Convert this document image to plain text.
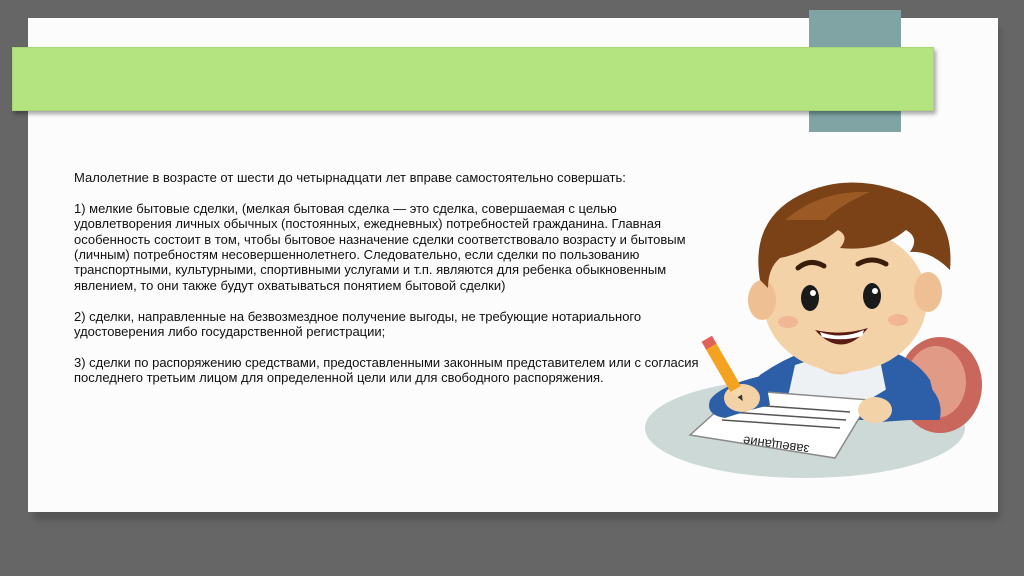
Малолетние в возрасте от шести до четырнадцати лет вправе самостоятельно совершать:

1) мелкие бытовые сделки, (мелкая бытовая сделка — это сделка, совершаемая с целью удовлетворения личных обычных (постоянных, ежедневных) потребностей гражданина. Главная особенность состоит в том, чтобы бытовое назначение сделки соответствовало возрасту и бытовым (личным) потребностям несовершеннолетнего. Следовательно, если сделки по пользованию транспортными, культурными, спортивными услугами и т.п. являются для ребенка обыкновенным явлением, то они также будут охватываться понятием бытовой сделки)

2) сделки, направленные на безвозмездное получение выгоды, не требующие нотариального удостоверения либо государственной регистрации;

3) сделки по распоряжению средствами, предоставленными законным представителем или с согласия последнего третьим лицом для определенной цели или для свободного распоряжения.

завещание
